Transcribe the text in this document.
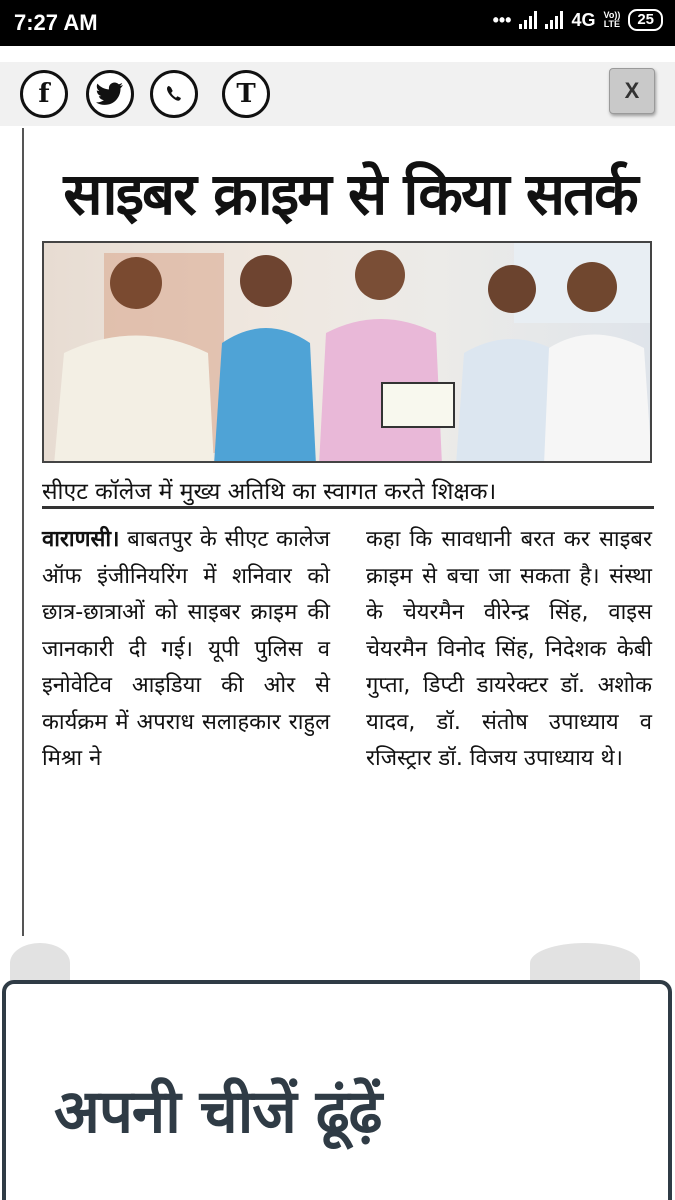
7:27 AM	•••	4G Vo))
LTE	25
f	T	X
साइबर क्राइम से किया सतर्क

सीएट कॉलेज में मुख्य अतिथि का स्वागत करते शिक्षक।

वाराणसी। बाबतपुर के सीएट कालेज ऑफ इंजीनियरिंग में शनिवार को छात्र-छात्राओं को साइबर क्राइम की जानकारी दी गई। यूपी पुलिस व इनोवेटिव आइडिया की ओर से कार्यक्रम में अपराध सलाहकार राहुल मिश्रा ने

कहा कि सावधानी बरत कर साइबर क्राइम से बचा जा सकता है। संस्था के चेयरमैन वीरेन्द्र सिंह, वाइस चेयरमैन विनोद सिंह, निदेशक केबी गुप्ता, डिप्टी डायरेक्टर डॉ. अशोक यादव, डॉ. संतोष उपाध्याय व रजिस्ट्रार डॉ. विजय उपाध्याय थे।

अपनी चीजें ढूंढ़ें
